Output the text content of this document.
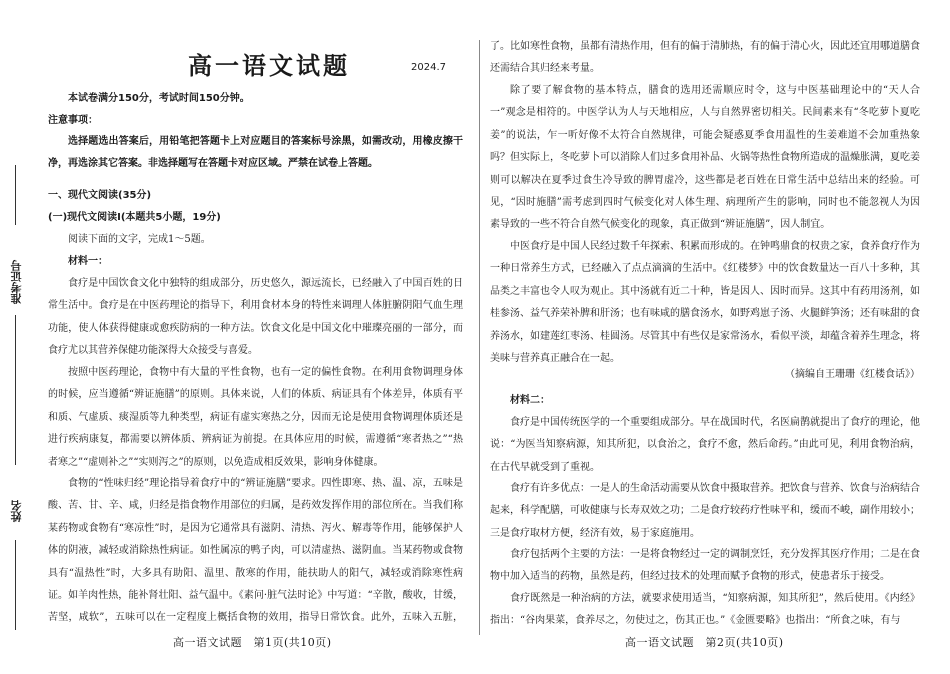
准考证号
姓名
高一语文试题	2024.7

本试卷满分150分，考试时间150分钟。

注意事项：

选择题选出答案后，用铅笔把答题卡上对应题目的答案标号涂黑，如需改动，用橡皮擦干净，再选涂其它答案。非选择题写在答题卡对应区域。严禁在试卷上答题。

一、现代文阅读(35分)

(一)现代文阅读Ⅰ(本题共5小题，19分)

阅读下面的文字，完成1～5题。

材料一：

食疗是中国饮食文化中独特的组成部分，历史悠久，源远流长，已经融入了中国百姓的日常生活中。食疗是在中医药理论的指导下，利用食材本身的特性来调理人体脏腑阴阳气血生理功能，使人体获得健康或愈疾防病的一种方法。饮食文化是中国文化中璀璨亮丽的一部分，而食疗尤以其营养保健功能深得大众接受与喜爱。

按照中医药理论，食物中有大量的平性食物，也有一定的偏性食物。在利用食物调理身体的时候，应当遵循“辨证施膳”的原则。具体来说，人们的体质、病证具有个体差异，体质有平和质、气虚质、痰湿质等九种类型，病证有虚实寒热之分，因而无论是使用食物调理体质还是进行疾病康复，都需要以辨体质、辨病证为前提。在具体应用的时候，需遵循“寒者热之”“热者寒之”“虚则补之”“实则泻之”的原则，以免造成相反效果，影响身体健康。

食物的“性味归经”理论指导着食疗中的“辨证施膳”要求。四性即寒、热、温、凉，五味是酸、苦、甘、辛、咸，归经是指食物作用部位的归属，是药效发挥作用的部位所在。当我们称某药物或食物有“寒凉性”时，是因为它通常具有滋阴、清热、泻火、解毒等作用，能够保护人体的阴液，减轻或消除热性病证。如性属凉的鸭子肉，可以清虚热、滋阴血。当某药物或食物具有“温热性”时，大多具有助阳、温里、散寒的作用，能扶助人的阳气，减轻或消除寒性病证。如羊肉性热，能补肾壮阳、益气温中。《素问·脏气法时论》中写道：“辛散，酸收，甘缓，苦坚，咸软”，五味可以在一定程度上概括食物的效用，指导日常饮食。此外，五味入五脏，

高一语文试题　第1页(共10页)

了。比如寒性食物，虽都有清热作用，但有的偏于清肺热，有的偏于清心火，因此还宜用哪道膳食还需结合其归经来考量。

除了要了解食物的基本特点，膳食的选用还需顺应时令，这与中医基础理论中的“天人合一”观念是相符的。中医学认为人与天地相应，人与自然界密切相关。民间素来有“冬吃萝卜夏吃姜”的说法，乍一听好像不太符合自然规律，可能会疑惑夏季食用温性的生姜难道不会加重热象吗？但实际上，冬吃萝卜可以消除人们过多食用补品、火锅等热性食物所造成的温燥胀满，夏吃姜则可以解决在夏季过食生冷导致的脾胃虚冷，这些都是老百姓在日常生活中总结出来的经验。可见，“因时施膳”需考虑到四时气候变化对人体生理、病理所产生的影响，同时也不能忽视人为因素导致的一些不符合自然气候变化的现象，真正做到“辨证施膳”，因人制宜。

中医食疗是中国人民经过数千年探索、积累而形成的。在钟鸣鼎食的权贵之家，食养食疗作为一种日常养生方式，已经融入了点点滴滴的生活中。《红楼梦》中的饮食数量达一百八十多种，其品类之丰富也令人叹为观止。其中汤就有近二十种，皆是因人、因时而异。这其中有药用汤剂，如桂参汤、益气养荣补脾和肝汤；也有味咸的膳食汤水，如野鸡崽子汤、火腿鲜笋汤；还有味甜的食养汤水，如建莲红枣汤、桂圆汤。尽管其中有些仅是家常汤水，看似平淡，却蕴含着养生理念，将美味与营养真正融合在一起。

（摘编自王珊珊《红楼食话》）

材料二：

食疗是中国传统医学的一个重要组成部分。早在战国时代，名医扁鹊就提出了食疗的理论，他说：“为医当知察病源，知其所犯，以食治之，食疗不愈，然后命药。”由此可见，利用食物治病，在古代早就受到了重视。

食疗有许多优点：一是人的生命活动需要从饮食中摄取营养。把饮食与营养、饮食与治病结合起来，科学配膳，可收健康与长寿双效之功；二是食疗较药疗性味平和，缓而不峻，副作用较小；三是食疗取材方便，经济有效，易于家庭施用。

食疗包括两个主要的方法：一是将食物经过一定的调制烹饪，充分发挥其医疗作用；二是在食物中加入适当的药物，虽然是药，但经过技术的处理而赋予食物的形式，使患者乐于接受。

食疗既然是一种治病的方法，就要求使用适当，“知察病源，知其所犯”，然后使用。《内经》指出：“谷肉果菜，食养尽之，勿使过之，伤其正也。”《金匮要略》也指出：“所食之味，有与

高一语文试题　第2页(共10页)
